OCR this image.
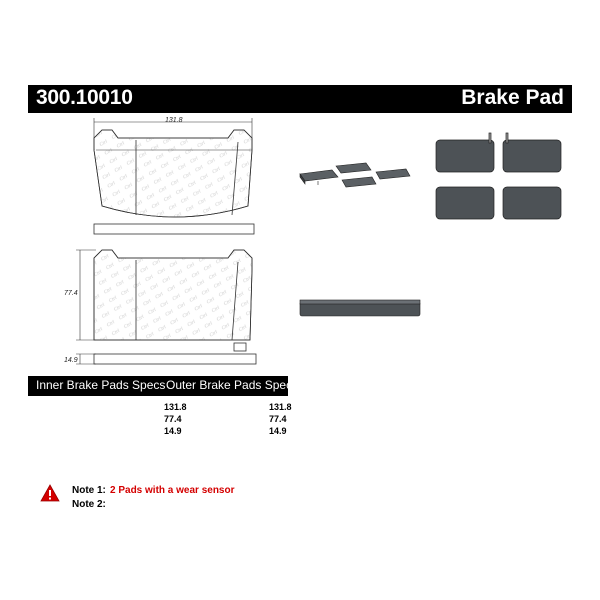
300.10010	Brake Pad
131.8
77.4
14.9
Inner Brake Pads Specs Outer Brake Pads Specs
131.8
77.4
14.9
131.8
77.4
14.9
Note 1: 2 Pads with a wear sensor
Note 2:
